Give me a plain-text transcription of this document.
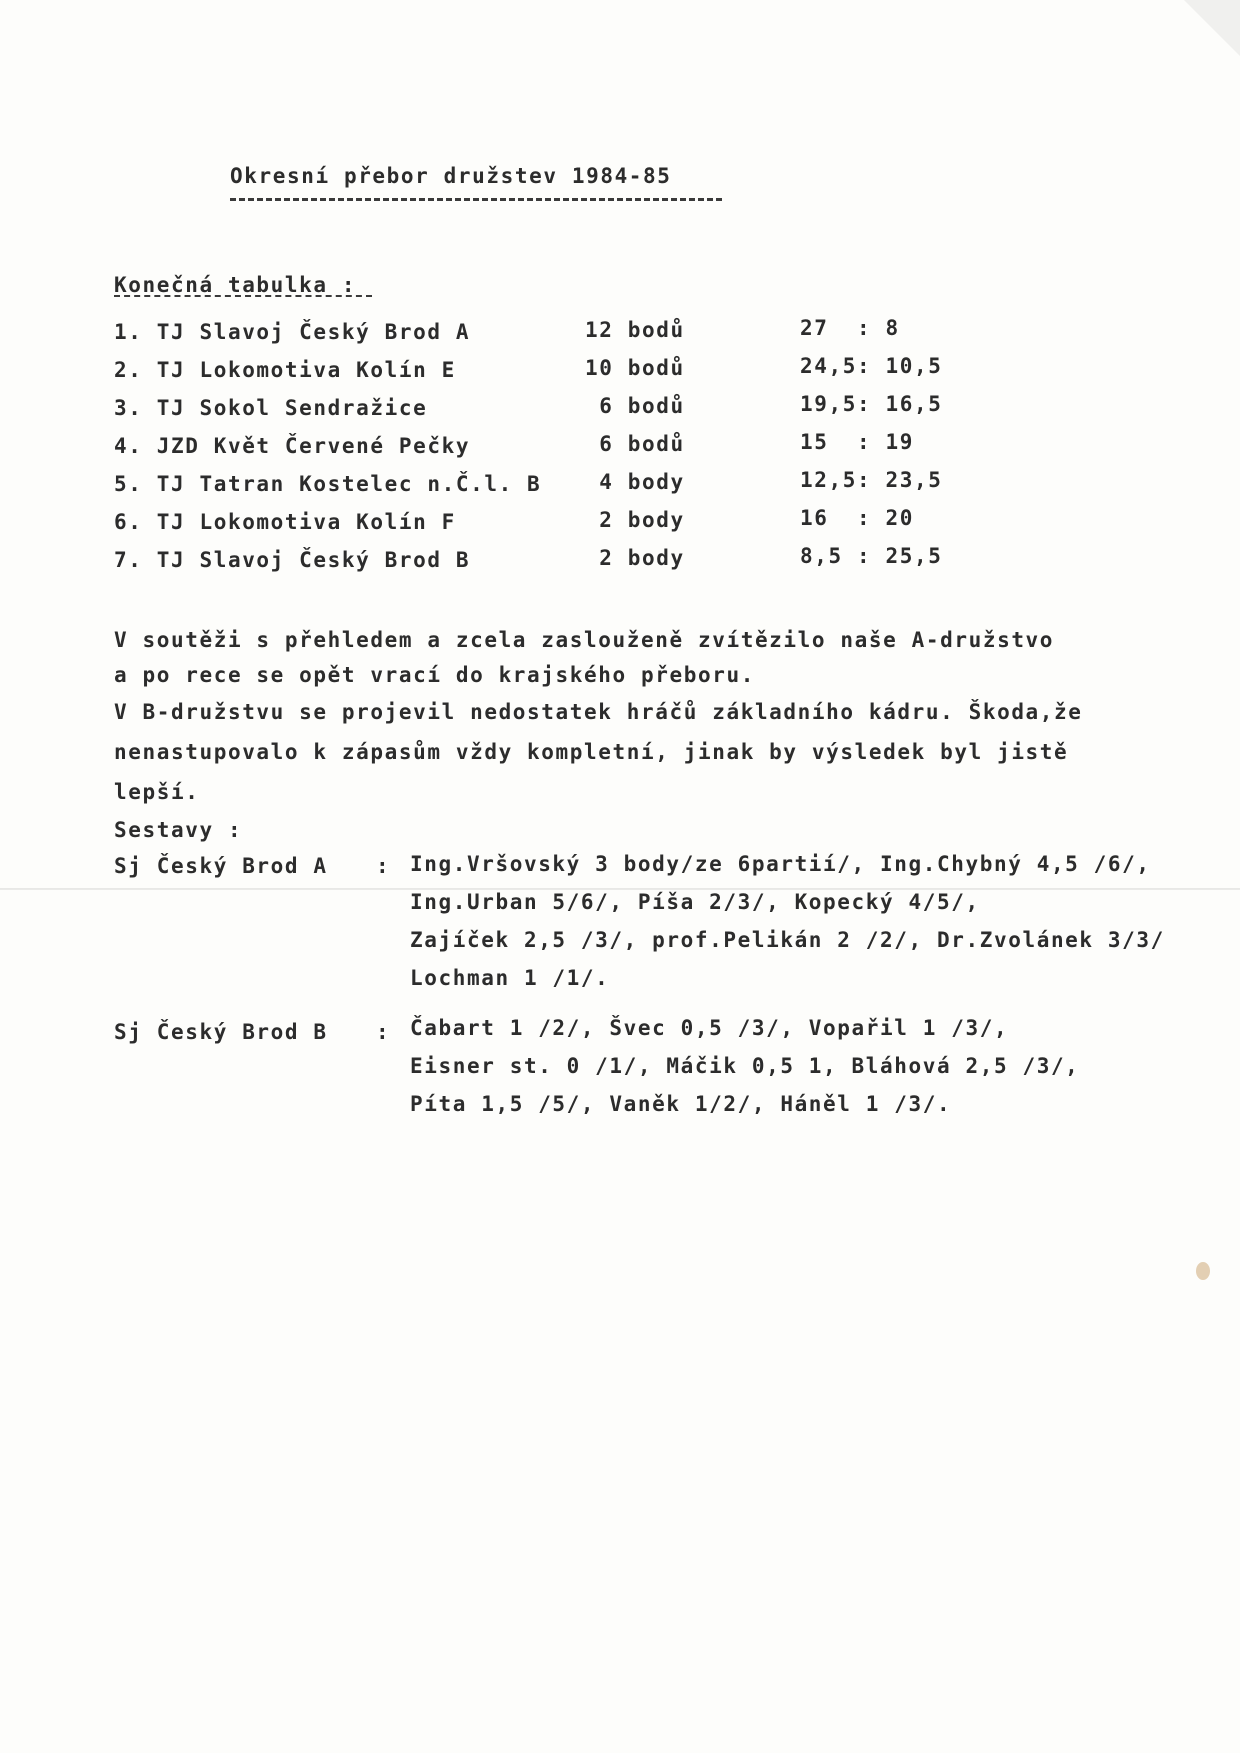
Okresní přebor družstev 1984-85
Konečná tabulka :
1. TJ Slavoj Český Brod A	12 bodů	27  : 8
2. TJ Lokomotiva Kolín E	10 bodů	24,5: 10,5
3. TJ Sokol Sendražice	6 bodů	19,5: 16,5
4. JZD Květ Červené Pečky	6 bodů	15  : 19
5. TJ Tatran Kostelec n.Č.l. B 4 body	12,5: 23,5
6. TJ Lokomotiva Kolín F	2 body	16  : 20
7. TJ Slavoj Český Brod B	2 body	8,5 : 25,5
V soutěži s přehledem a zcela zaslouženě zvítězilo naše A-družstvo
a po rece se opět vrací do krajského přeboru.
V B-družstvu se projevil nedostatek hráčů základního kádru. Škoda,že
nenastupovalo k zápasům vždy kompletní, jinak by výsledek byl jistě
lepší.
Sestavy :
Sj Český Brod A : Ing.Vršovský 3 body/ze 6partií/, Ing.Chybný 4,5 /6/,
Ing.Urban 5/6/, Píša 2/3/, Kopecký 4/5/,
Zajíček 2,5 /3/, prof.Pelikán 2 /2/, Dr.Zvolánek 3/3/
Lochman 1 /1/.
Sj Český Brod B : Čabart 1 /2/, Švec 0,5 /3/, Vopařil 1 /3/,
Eisner st. 0 /1/, Máčik 0,5 1, Bláhová 2,5 /3/,
Píta 1,5 /5/, Vaněk 1/2/, Háněl 1 /3/.
